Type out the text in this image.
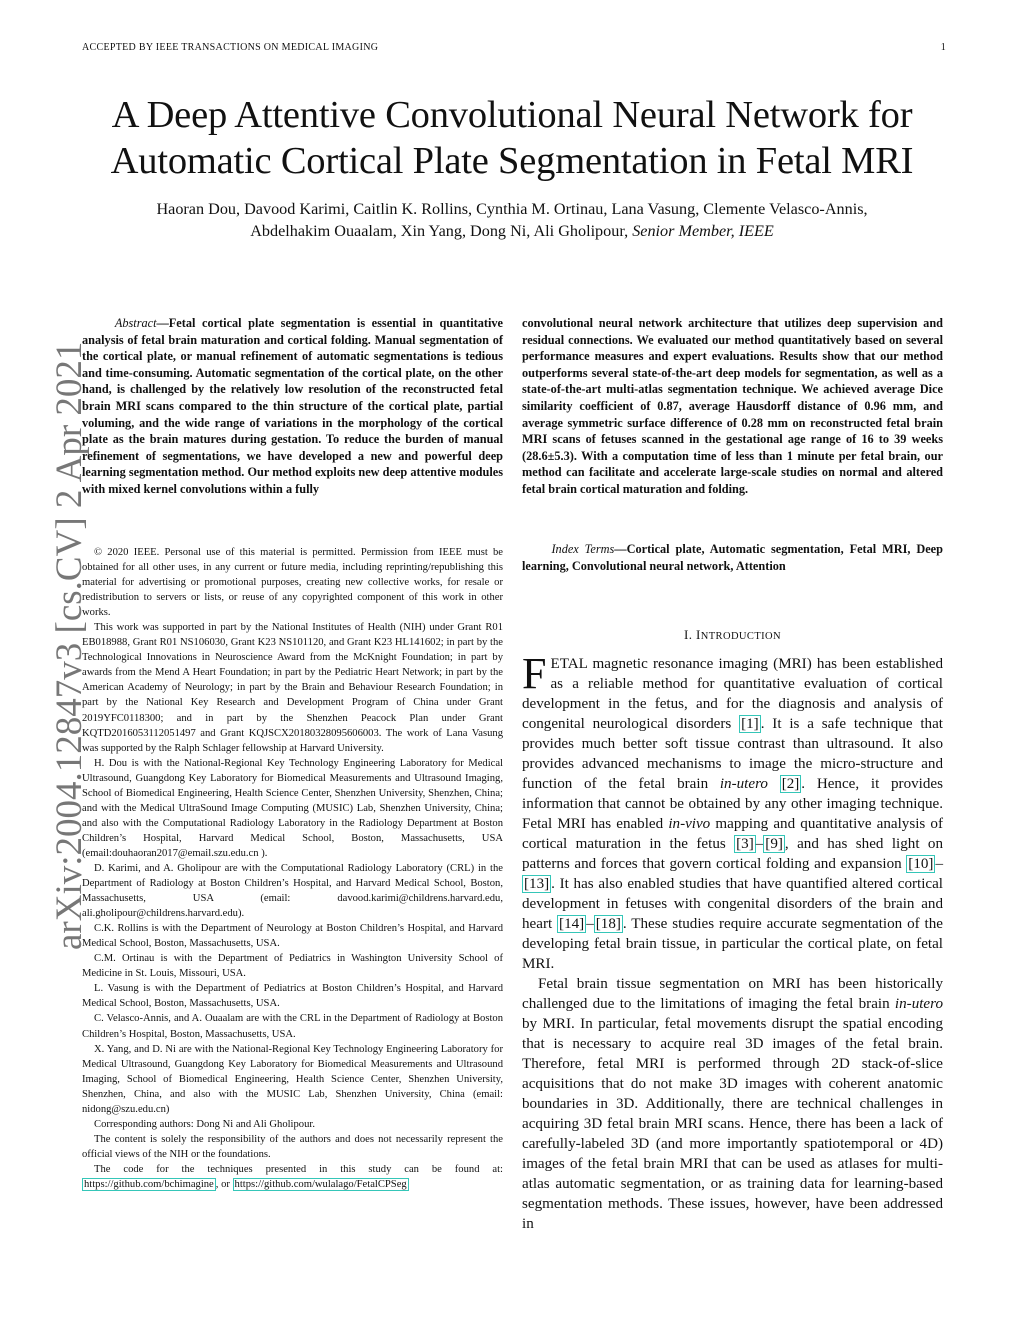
ACCEPTED BY IEEE TRANSACTIONS ON MEDICAL IMAGING	1
A Deep Attentive Convolutional Neural Network for
Automatic Cortical Plate Segmentation in Fetal MRI
Haoran Dou, Davood Karimi, Caitlin K. Rollins, Cynthia M. Ortinau, Lana Vasung, Clemente Velasco-Annis,
Abdelhakim Ouaalam, Xin Yang, Dong Ni, Ali Gholipour, Senior Member, IEEE
arXiv:2004.12847v3 [cs.CV] 2 Apr 2021
Abstract—Fetal cortical plate segmentation is essential in quantitative analysis of fetal brain maturation and cortical folding. Manual segmentation of the cortical plate, or manual refinement of automatic segmentations is tedious and time-consuming. Automatic segmentation of the cortical plate, on the other hand, is challenged by the relatively low resolution of the reconstructed fetal brain MRI scans compared to the thin structure of the cortical plate, partial voluming, and the wide range of variations in the morphology of the cortical plate as the brain matures during gestation. To reduce the burden of manual refinement of segmentations, we have developed a new and powerful deep learning segmentation method. Our method exploits new deep attentive modules with mixed kernel convolutions within a fully
convolutional neural network architecture that utilizes deep supervision and residual connections. We evaluated our method quantitatively based on several performance measures and expert evaluations. Results show that our method outperforms several state-of-the-art deep models for segmentation, as well as a state-of-the-art multi-atlas segmentation technique. We achieved average Dice similarity coefficient of 0.87, average Hausdorff distance of 0.96 mm, and average symmetric surface difference of 0.28 mm on reconstructed fetal brain MRI scans of fetuses scanned in the gestational age range of 16 to 39 weeks (28.6±5.3). With a computation time of less than 1 minute per fetal brain, our method can facilitate and accelerate large-scale studies on normal and altered fetal brain cortical maturation and folding.
Index Terms—Cortical plate, Automatic segmentation, Fetal MRI, Deep learning, Convolutional neural network, Attention

© 2020 IEEE. Personal use of this material is permitted. Permission from IEEE must be obtained for all other uses, in any current or future media, including reprinting/republishing this material for advertising or promotional purposes, creating new collective works, for resale or redistribution to servers or lists, or reuse of any copyrighted component of this work in other works.

This work was supported in part by the National Institutes of Health (NIH) under Grant R01 EB018988, Grant R01 NS106030, Grant K23 NS101120, and Grant K23 HL141602; in part by the Technological Innovations in Neuroscience Award from the McKnight Foundation; in part by awards from the Mend A Heart Foundation; in part by the Pediatric Heart Network; in part by the American Academy of Neurology; in part by the Brain and Behaviour Research Foundation; in part by the National Key Research and Development Program of China under Grant 2019YFC0118300; and in part by the Shenzhen Peacock Plan under Grant KQTD2016053112051497 and Grant KQJSCX20180328095606003. The work of Lana Vasung was supported by the Ralph Schlager fellowship at Harvard University.

H. Dou is with the National-Regional Key Technology Engineering Laboratory for Medical Ultrasound, Guangdong Key Laboratory for Biomedical Measurements and Ultrasound Imaging, School of Biomedical Engineering, Health Science Center, Shenzhen University, Shenzhen, China; and with the Medical UltraSound Image Computing (MUSIC) Lab, Shenzhen University, China; and also with the Computational Radiology Laboratory in the Radiology Department at Boston Children’s Hospital, Harvard Medical School, Boston, Massachusetts, USA (email:douhaoran2017@email.szu.edu.cn ).

D. Karimi, and A. Gholipour are with the Computational Radiology Laboratory (CRL) in the Department of Radiology at Boston Children’s Hospital, and Harvard Medical School, Boston, Massachusetts, USA (email: davood.karimi@childrens.harvard.edu, ali.gholipour@childrens.harvard.edu).

C.K. Rollins is with the Department of Neurology at Boston Children’s Hospital, and Harvard Medical School, Boston, Massachusetts, USA.

C.M. Ortinau is with the Department of Pediatrics in Washington University School of Medicine in St. Louis, Missouri, USA.

L. Vasung is with the Department of Pediatrics at Boston Children’s Hospital, and Harvard Medical School, Boston, Massachusetts, USA.

C. Velasco-Annis, and A. Ouaalam are with the CRL in the Department of Radiology at Boston Children’s Hospital, Boston, Massachusetts, USA.

X. Yang, and D. Ni are with the National-Regional Key Technology Engineering Laboratory for Medical Ultrasound, Guangdong Key Laboratory for Biomedical Measurements and Ultrasound Imaging, School of Biomedical Engineering, Health Science Center, Shenzhen University, Shenzhen, China, and also with the MUSIC Lab, Shenzhen University, China (email: nidong@szu.edu.cn)

Corresponding authors: Dong Ni and Ali Gholipour.

The content is solely the responsibility of the authors and does not necessarily represent the official views of the NIH or the foundations.

The code for the techniques presented in this study can be found at: https://github.com/bchimagine , or https://github.com/wulalago/FetalCPSeg

I. INTRODUCTION

FETAL magnetic resonance imaging (MRI) has been established as a reliable method for quantitative evaluation of cortical development in the fetus, and for the diagnosis and analysis of congenital neurological disorders [1] . It is a safe technique that provides much better soft tissue contrast than ultrasound. It also provides advanced mechanisms to image the micro-structure and function of the fetal brain in-utero [2] . Hence, it provides information that cannot be obtained by any other imaging technique. Fetal MRI has enabled in-vivo mapping and quantitative analysis of cortical maturation in the fetus [3] – [9] , and has shed light on patterns and forces that govern cortical folding and expansion [10] –[13] . It has also enabled studies that have quantified altered cortical development in fetuses with congenital disorders of the brain and heart [14] – [18] . These studies require accurate segmentation of the developing fetal brain tissue, in particular the cortical plate, on fetal MRI.

Fetal brain tissue segmentation on MRI has been historically challenged due to the limitations of imaging the fetal brain in-utero by MRI. In particular, fetal movements disrupt the spatial encoding that is necessary to acquire real 3D images of the fetal brain. Therefore, fetal MRI is performed through 2D stack-of-slice acquisitions that do not make 3D images with coherent anatomic boundaries in 3D. Additionally, there are technical challenges in acquiring 3D fetal brain MRI scans. Hence, there has been a lack of carefully-labeled 3D (and more importantly spatiotemporal or 4D) images of the fetal brain MRI that can be used as atlases for multi-atlas automatic segmentation, or as training data for learning-based segmentation methods. These issues, however, have been addressed in
